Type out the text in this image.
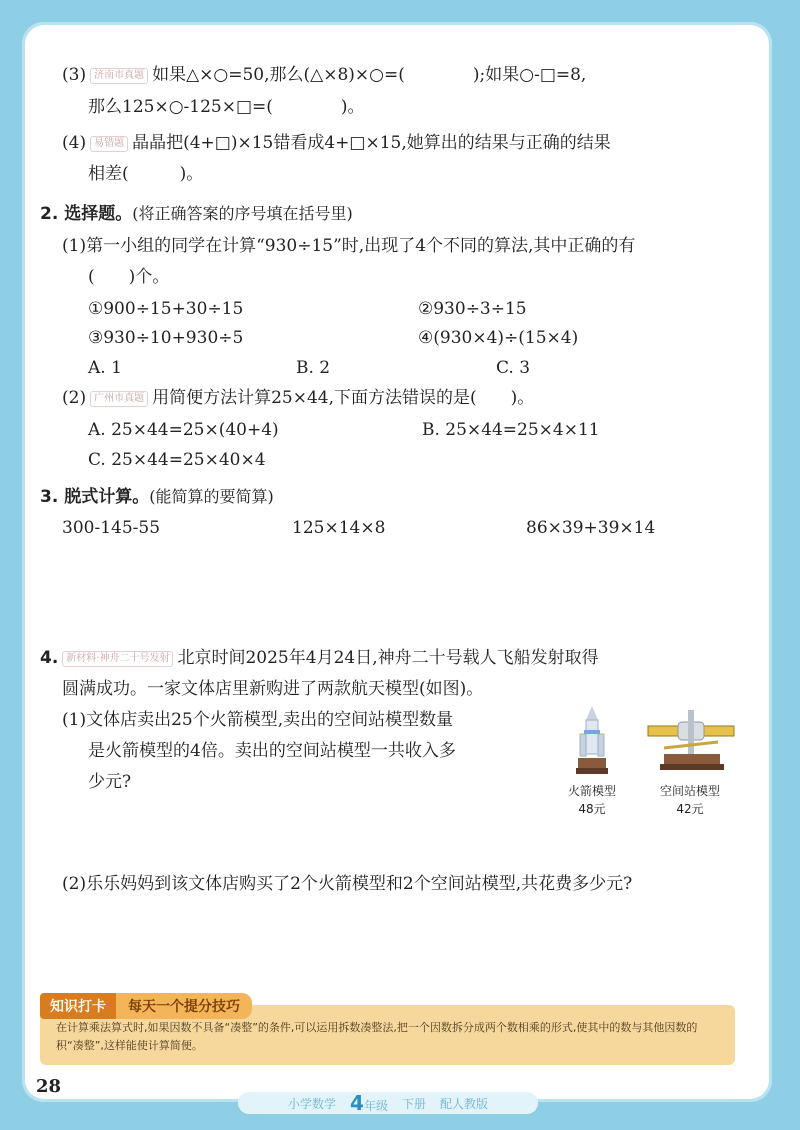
(3) 济南市真题 如果△×○=50,那么(△×8)×○=(　　　　);如果○-□=8,
那么125×○-125×□=(　　　　)。
(4) 易错题 晶晶把(4+□)×15错看成4+□×15,她算出的结果与正确的结果
相差(　　　)。
2. 选择题。(将正确答案的序号填在括号里)
(1)第一小组的同学在计算“930÷15”时,出现了4个不同的算法,其中正确的有
(　　)个。
①900÷15+30÷15	②930÷3÷15
③930÷10+930÷5	④(930×4)÷(15×4)
A. 1	B. 2	C. 3
(2) 广州市真题 用简便方法计算25×44,下面方法错误的是(　　)。
A. 25×44=25×(40+4)	B. 25×44=25×4×11
C. 25×44=25×40×4
3. 脱式计算。(能简算的要简算)
300-145-55	125×14×8	86×39+39×14
4. 新材料·神舟二十号发射 北京时间2025年4月24日,神舟二十号载人飞船发射取得
圆满成功。一家文体店里新购进了两款航天模型(如图)。
(1)文体店卖出25个火箭模型,卖出的空间站模型数量
是火箭模型的4倍。卖出的空间站模型一共收入多
少元?	火箭模型
48元
空间站模型
42元
(2)乐乐妈妈到该文体店购买了2个火箭模型和2个空间站模型,共花费多少元?
在计算乘法算式时,如果因数不具备“凑整”的条件,可以运用拆数凑整法,把一个因数拆分成两个数相乘的形式,使其中的数与其他因数的积“凑整”,这样能使计算简便。
知识打卡	每天一个提分技巧
28
小学数学 4年级 下册 配人教版
